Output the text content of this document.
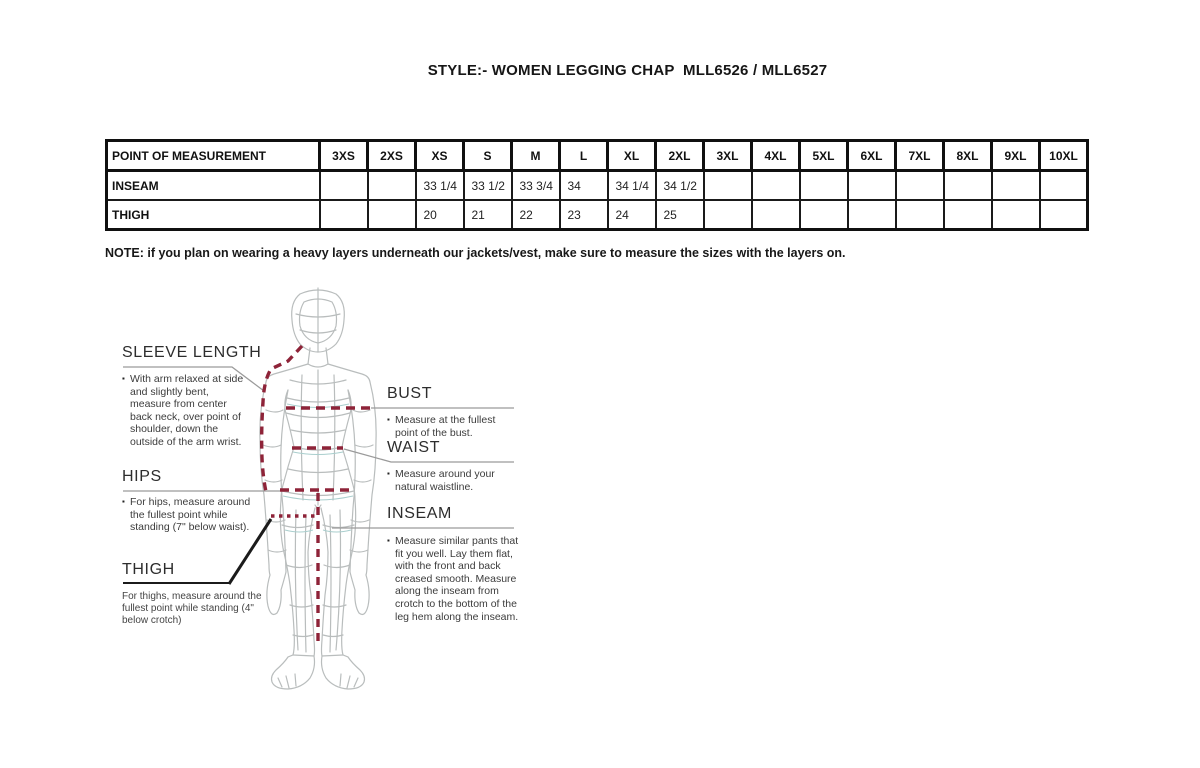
STYLE:- WOMEN LEGGING CHAP  MLL6526 / MLL6527
POINT OF MEASUREMENT	3XS	2XS	XS	S	M	L	XL	2XL	3XL	4XL	5XL	6XL	7XL	8XL	9XL	10XL
INSEAM			33 1/4	33 1/2	33 3/4	34	34 1/4	34 1/2								
THIGH			20	21	22	23	24	25								
NOTE: if you plan on wearing a heavy layers underneath our jackets/vest, make sure to measure the sizes with the layers on.
SLEEVE LENGTH
▪ With arm relaxed at side and slightly bent, measure from center back neck, over point of shoulder, down the outside of the arm wrist.
HIPS
▪ For hips, measure around the fullest point while standing (7" below waist).
THIGH
For thighs, measure around the fullest point while standing (4" below crotch)
BUST
▪ Measure at the fullest point of the bust.
WAIST
▪ Measure around your natural waistline.
INSEAM
▪ Measure similar pants that fit you well. Lay them flat, with the front and back creased smooth. Measure along the inseam from crotch to the bottom of the leg hem along the inseam.
